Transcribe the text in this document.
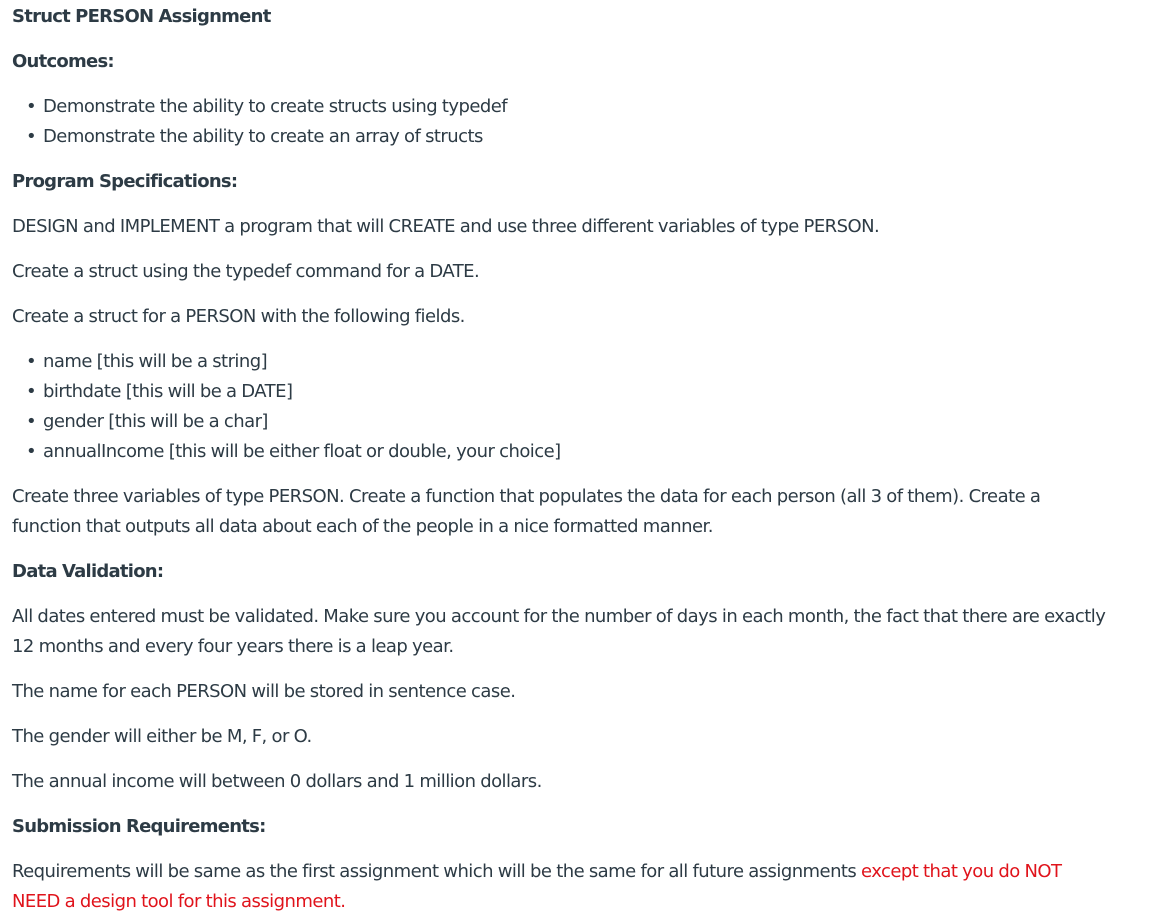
Struct PERSON Assignment
Outcomes:
• Demonstrate the ability to create structs using typedef
• Demonstrate the ability to create an array of structs
Program Specifications:
DESIGN and IMPLEMENT a program that will CREATE and use three different variables of type PERSON.
Create a struct using the typedef command for a DATE.
Create a struct for a PERSON with the following fields.
• name [this will be a string]
• birthdate [this will be a DATE]
• gender [this will be a char]
• annualIncome [this will be either float or double, your choice]
Create three variables of type PERSON. Create a function that populates the data for each person (all 3 of them). Create a
function that outputs all data about each of the people in a nice formatted manner.
Data Validation:
All dates entered must be validated. Make sure you account for the number of days in each month, the fact that there are exactly
12 months and every four years there is a leap year.
The name for each PERSON will be stored in sentence case.
The gender will either be M, F, or O.
The annual income will between 0 dollars and 1 million dollars.
Submission Requirements:
Requirements will be same as the first assignment which will be the same for all future assignments except that you do NOT
NEED a design tool for this assignment.
